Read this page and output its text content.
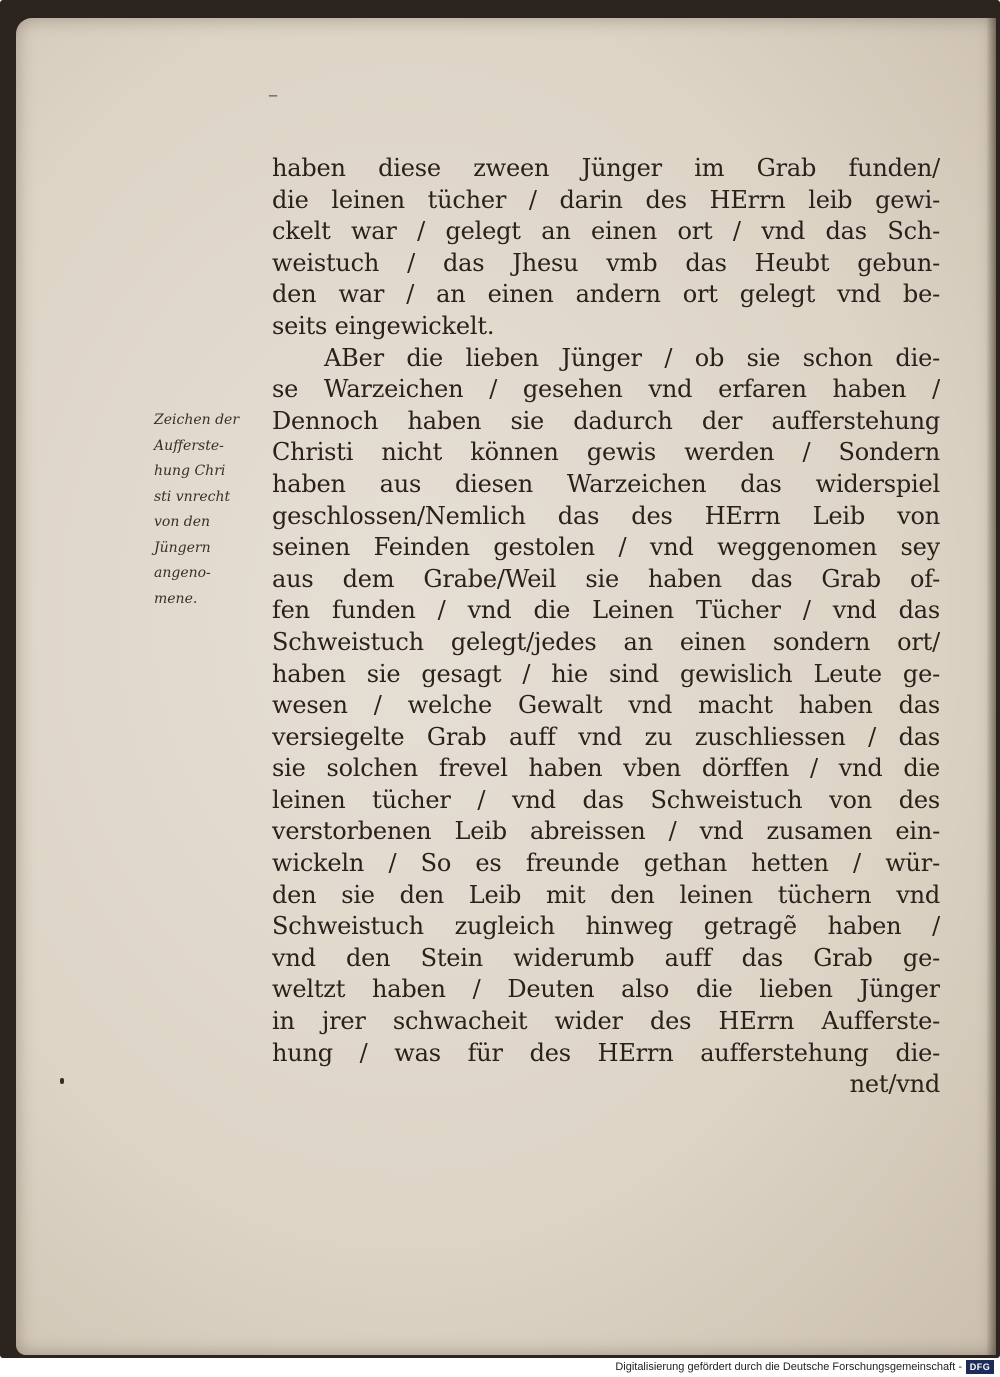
–
haben diese zween Jünger im Grab funden/
die leinen tücher / darin des HErrn leib gewi-
ckelt war / gelegt an einen ort / vnd das Sch-
weistuch / das Jhesu vmb das Heubt gebun-
den war / an einen andern ort gelegt vnd be-
seits eingewickelt.
ABer die lieben Jünger / ob sie schon die-
se Warzeichen / gesehen vnd erfaren haben /
Dennoch haben sie dadurch der aufferstehung
Christi nicht können gewis werden / Sondern
haben aus diesen Warzeichen das widerspiel
geschlossen/Nemlich das des HErrn Leib von
seinen Feinden gestolen / vnd weggenomen sey
aus dem Grabe/Weil sie haben das Grab of-
fen funden / vnd die Leinen Tücher / vnd das
Schweistuch gelegt/jedes an einen sondern ort/
haben sie gesagt / hie sind gewislich Leute ge-
wesen / welche Gewalt vnd macht haben das
versiegelte Grab auff vnd zu zuschliessen / das
sie solchen frevel haben vben dörffen / vnd die
leinen tücher / vnd das Schweistuch von des
verstorbenen Leib abreissen / vnd zusamen ein-
wickeln / So es freunde gethan hetten / wür-
den sie den Leib mit den leinen tüchern vnd
Schweistuch zugleich hinweg getragẽ haben /
vnd den Stein widerumb auff das Grab ge-
weltzt haben / Deuten also die lieben Jünger
in jrer schwacheit wider des HErrn Aufferste-
hung / was für des HErrn aufferstehung die-
net/vnd
Zeichen der
Aufferste-
hung Chri
sti vnrecht
von den
Jüngern
angeno-
mene.
Digitalisierung gefördert durch die Deutsche Forschungsgemeinschaft - DFG
